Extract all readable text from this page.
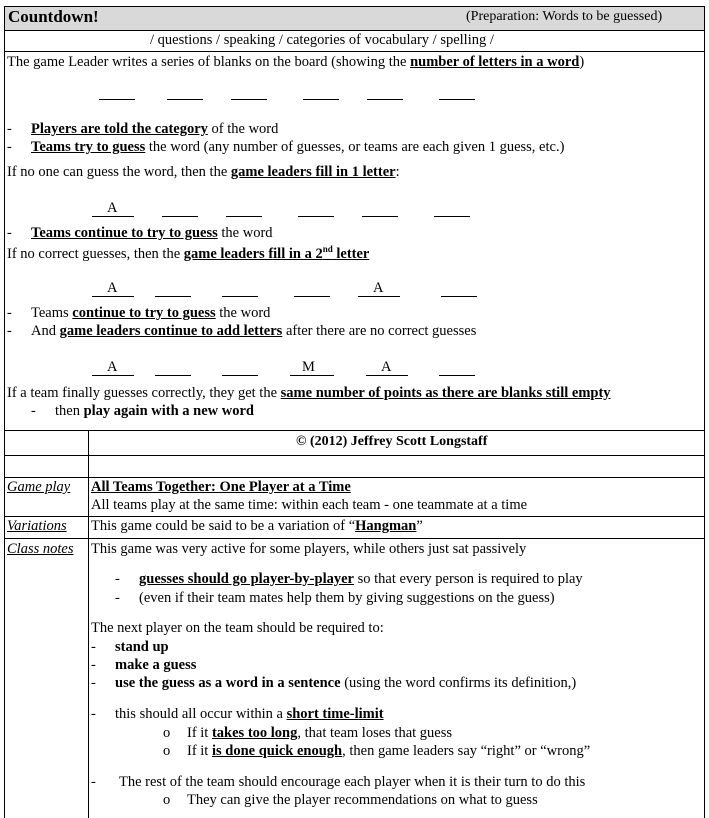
Countdown!	(Preparation: Words to be guessed)
/ questions / speaking / categories of vocabulary / spelling /
The game Leader writes a series of blanks on the board (showing the number of letters in a word)
- Players are told the category of the word
- Teams try to guess the word (any number of guesses, or teams are each given 1 guess, etc.)
If no one can guess the word, then the game leaders fill in 1 letter:
A
- Teams continue to try to guess the word
If no correct guesses, then the game leaders fill in a 2nd letter
A	A
- Teams continue to try to guess the word
- And game leaders continue to add letters after there are no correct guesses
A	M	A
If a team finally guesses correctly, they get the same number of points as there are blanks still empty
- then play again with a new word
© (2012) Jeffrey Scott Longstaff
Game play All Teams Together: One Player at a Time
All teams play at the same time: within each team - one teammate at a time
Variations This game could be said to be a variation of “Hangman”
Class notes This game was very active for some players, while others just sat passively
- guesses should go player-by-player so that every person is required to play
- (even if their team mates help them by giving suggestions on the guess)
The next player on the team should be required to:
- stand up
- make a guess
- use the guess as a word in a sentence (using the word confirms its definition,)
- this should all occur within a short time-limit
o If it takes too long, that team loses that guess
o If it is done quick enough, then game leaders say “right” or “wrong”
- The rest of the team should encourage each player when it is their turn to do this
o They can give the player recommendations on what to guess
